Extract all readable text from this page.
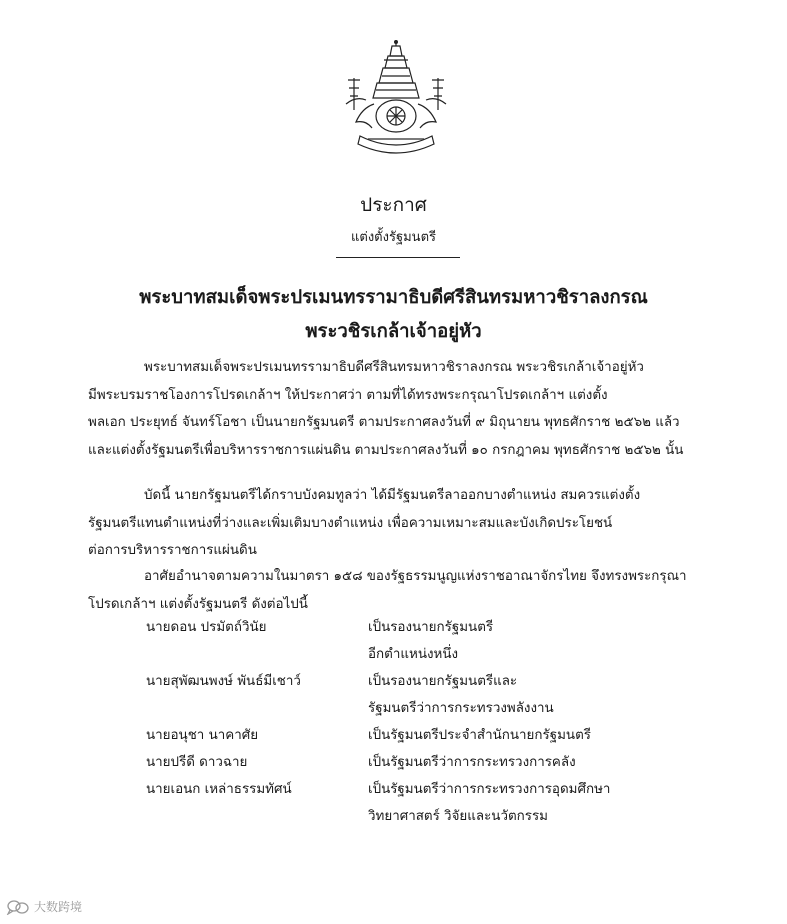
ประกาศ
แต่งตั้งรัฐมนตรี
พระบาทสมเด็จพระปรเมนทรรามาธิบดีศรีสินทรมหาวชิราลงกรณ
พระวชิรเกล้าเจ้าอยู่หัว
พระบาทสมเด็จพระปรเมนทรรามาธิบดีศรีสินทรมหาวชิราลงกรณ พระวชิรเกล้าเจ้าอยู่หัว
มีพระบรมราชโองการโปรดเกล้าฯ ให้ประกาศว่า ตามที่ได้ทรงพระกรุณาโปรดเกล้าฯ แต่งตั้ง
พลเอก ประยุทธ์ จันทร์โอชา เป็นนายกรัฐมนตรี ตามประกาศลงวันที่ ๙ มิถุนายน พุทธศักราช ๒๕๖๒ แล้ว
และแต่งตั้งรัฐมนตรีเพื่อบริหารราชการแผ่นดิน ตามประกาศลงวันที่ ๑๐ กรกฎาคม พุทธศักราช ๒๕๖๒ นั้น
บัดนี้ นายกรัฐมนตรีได้กราบบังคมทูลว่า ได้มีรัฐมนตรีลาออกบางตำแหน่ง สมควรแต่งตั้ง
รัฐมนตรีแทนตำแหน่งที่ว่างและเพิ่มเติมบางตำแหน่ง เพื่อความเหมาะสมและบังเกิดประโยชน์
ต่อการบริหารราชการแผ่นดิน
อาศัยอำนาจตามความในมาตรา ๑๕๘ ของรัฐธรรมนูญแห่งราชอาณาจักรไทย จึงทรงพระกรุณา
โปรดเกล้าฯ แต่งตั้งรัฐมนตรี ดังต่อไปนี้
นายดอน ปรมัตถ์วินัย	เป็นรองนายกรัฐมนตรี
อีกตำแหน่งหนึ่ง
นายสุพัฒนพงษ์ พันธ์มีเชาว์	เป็นรองนายกรัฐมนตรีและ
รัฐมนตรีว่าการกระทรวงพลังงาน
นายอนุชา นาคาศัย	เป็นรัฐมนตรีประจำสำนักนายกรัฐมนตรี
นายปรีดี ดาวฉาย	เป็นรัฐมนตรีว่าการกระทรวงการคลัง
นายเอนก เหล่าธรรมทัศน์	เป็นรัฐมนตรีว่าการกระทรวงการอุดมศึกษา
วิทยาศาสตร์ วิจัยและนวัตกรรม
大数跨境
